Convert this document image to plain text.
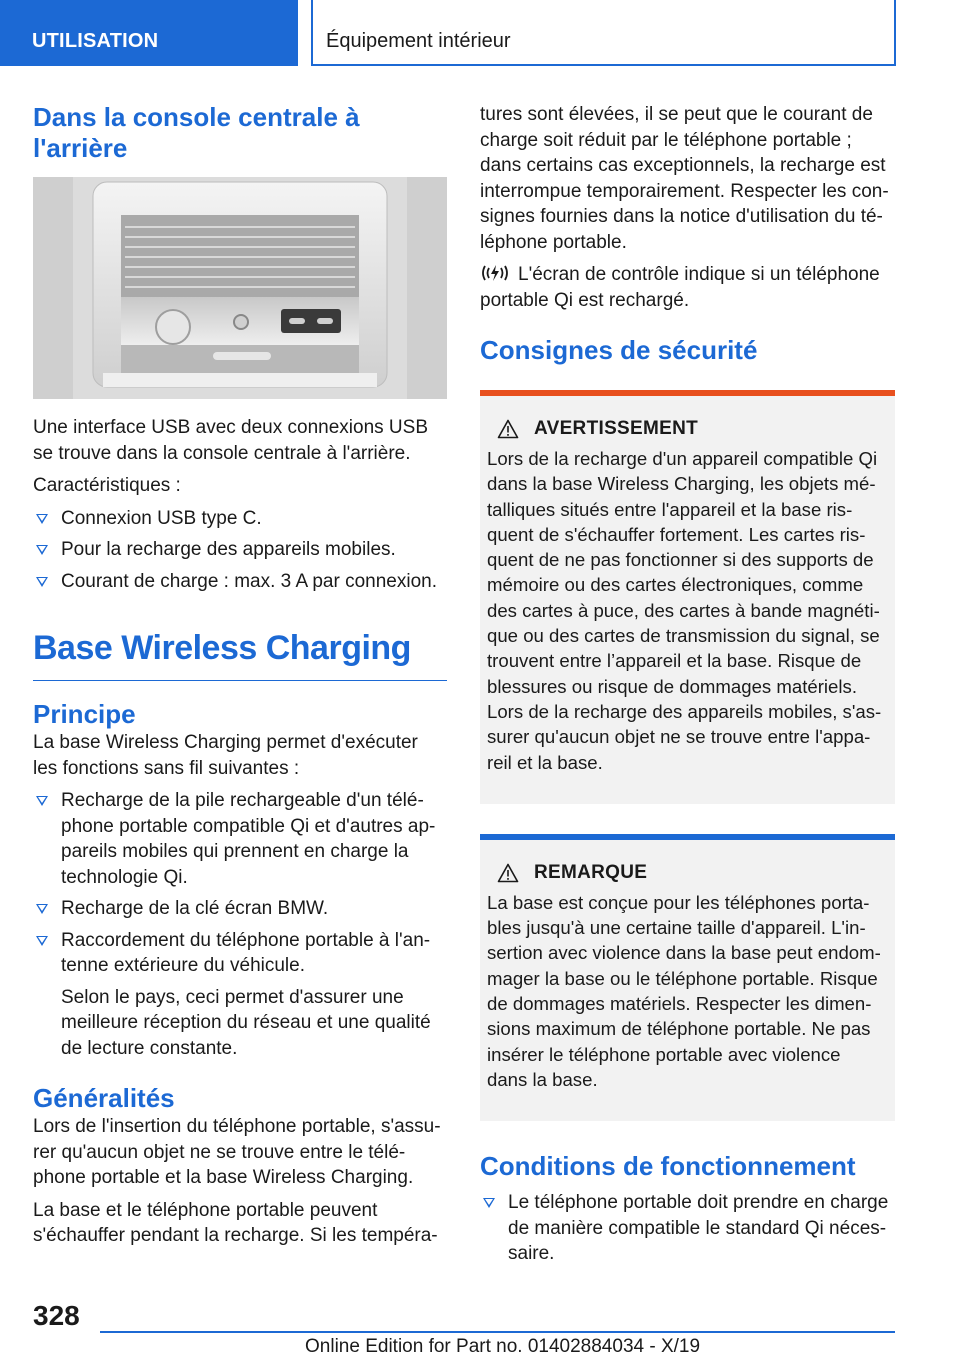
UTILISATION	Équipement intérieur
Dans la console centrale à l'arrière

Une interface USB avec deux connexions USB se trouve dans la console centrale à l'arrière.

Caractéristiques :

Connexion USB type C.
Pour la recharge des appareils mobiles.
Courant de charge : max. 3 A par connexion.
Base Wireless Charging
Principe

La base Wireless Charging permet d'exécuter les fonctions sans fil suivantes :

Recharge de la pile rechargeable d'un téléphone portable compatible Qi et d'autres appareils mobiles qui prennent en charge la technologie Qi.
Recharge de la clé écran BMW.
Raccordement du téléphone portable à l'antenne extérieure du véhicule.
Selon le pays, ceci permet d'assurer une meilleure réception du réseau et une qualité de lecture constante.
Généralités

Lors de l'insertion du téléphone portable, s'assurer qu'aucun objet ne se trouve entre le téléphone portable et la base Wireless Charging.

La base et le téléphone portable peuvent s'échauffer pendant la recharge. Si les tempéra-

tures sont élevées, il se peut que le courant de charge soit réduit par le téléphone portable ; dans certains cas exceptionnels, la recharge est interrompue temporairement. Respecter les consignes fournies dans la notice d'utilisation du téléphone portable.

L'écran de contrôle indique si un téléphone portable Qi est rechargé.

Consignes de sécurité
AVERTISSEMENT

Lors de la recharge d'un appareil compatible Qi dans la base Wireless Charging, les objets métalliques situés entre l'appareil et la base risquent de s'échauffer fortement. Les cartes risquent de ne pas fonctionner si des supports de mémoire ou des cartes électroniques, comme des cartes à puce, des cartes à bande magnétique ou des cartes de transmission du signal, se trouvent entre l’appareil et la base. Risque de blessures ou risque de dommages matériels. Lors de la recharge des appareils mobiles, s'assurer qu'aucun objet ne se trouve entre l'appareil et la base.

REMARQUE

La base est conçue pour les téléphones portables jusqu'à une certaine taille d'appareil. L'insertion avec violence dans la base peut endommager la base ou le téléphone portable. Risque de dommages matériels. Respecter les dimensions maximum de téléphone portable. Ne pas insérer le téléphone portable avec violence dans la base.

Conditions de fonctionnement
Le téléphone portable doit prendre en charge de manière compatible le standard Qi nécessaire.
328
Online Edition for Part no. 01402884034 - X/19
